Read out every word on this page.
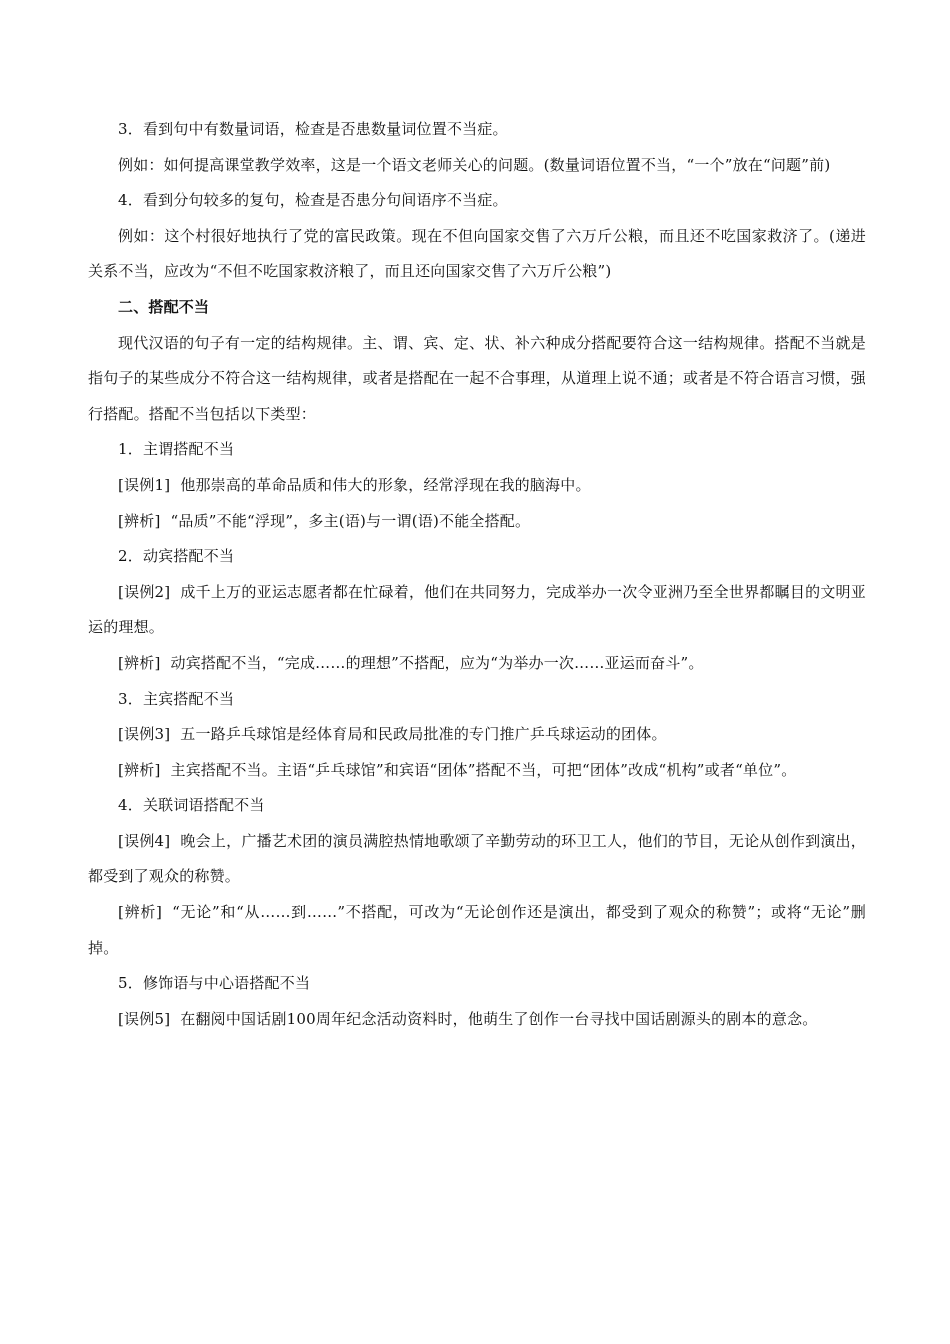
3．看到句中有数量词语，检查是否患数量词位置不当症。

例如：如何提高课堂教学效率，这是一个语文老师关心的问题。(数量词语位置不当，“一个”放在“问题”前)

4．看到分句较多的复句，检查是否患分句间语序不当症。

例如：这个村很好地执行了党的富民政策。现在不但向国家交售了六万斤公粮，而且还不吃国家救济了。(递进关系不当，应改为“不但不吃国家救济粮了，而且还向国家交售了六万斤公粮”)

二、搭配不当

现代汉语的句子有一定的结构规律。主、谓、宾、定、状、补六种成分搭配要符合这一结构规律。搭配不当就是指句子的某些成分不符合这一结构规律，或者是搭配在一起不合事理，从道理上说不通；或者是不符合语言习惯，强行搭配。搭配不当包括以下类型：

1．主谓搭配不当

[误例1] 他那崇高的革命品质和伟大的形象，经常浮现在我的脑海中。

[辨析] “品质”不能“浮现”，多主(语)与一谓(语)不能全搭配。

2．动宾搭配不当

[误例2] 成千上万的亚运志愿者都在忙碌着，他们在共同努力，完成举办一次令亚洲乃至全世界都瞩目的文明亚运的理想。

[辨析] 动宾搭配不当，“完成……的理想”不搭配，应为“为举办一次……亚运而奋斗”。

3．主宾搭配不当

[误例3] 五一路乒乓球馆是经体育局和民政局批准的专门推广乒乓球运动的团体。

[辨析] 主宾搭配不当。主语“乒乓球馆”和宾语“团体”搭配不当，可把“团体”改成“机构”或者“单位”。

4．关联词语搭配不当

[误例4] 晚会上，广播艺术团的演员满腔热情地歌颂了辛勤劳动的环卫工人，他们的节目，无论从创作到演出，都受到了观众的称赞。

[辨析] “无论”和“从……到……”不搭配，可改为“无论创作还是演出，都受到了观众的称赞”；或将“无论”删掉。

5．修饰语与中心语搭配不当

[误例5] 在翻阅中国话剧100周年纪念活动资料时，他萌生了创作一台寻找中国话剧源头的剧本的意念。
